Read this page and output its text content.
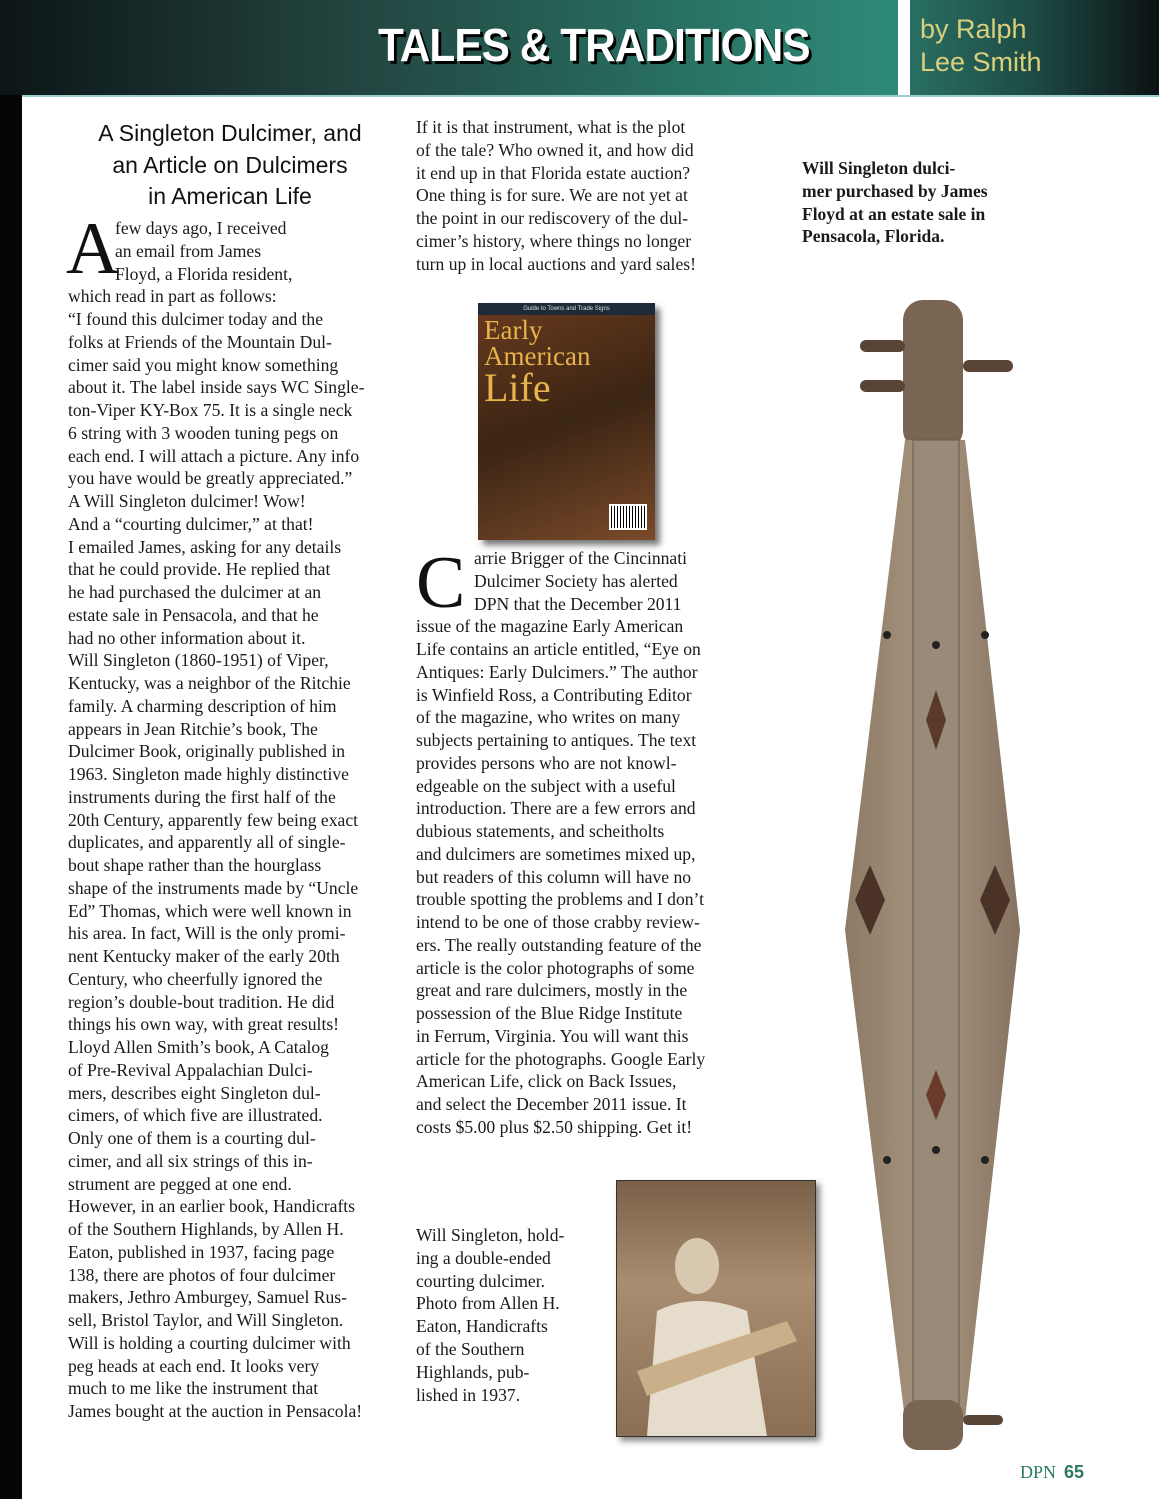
TALES & TRADITIONS	by Ralph
Lee Smith
A Singleton Dulcimer, and
an Article on Dulcimers
in American Life
A
few days ago, I received
an email from James
Floyd, a Florida resident,
which read in part as follows:
“I found this dulcimer today and the
folks at Friends of the Mountain Dul-
cimer said you might know something
about it. The label inside says WC Single-
ton-Viper KY-Box 75. It is a single neck
6 string with 3 wooden tuning pegs on
each end. I will attach a picture. Any info
you have would be greatly appreciated.”
A Will Singleton dulcimer! Wow!
And a “courting dulcimer,” at that!
I emailed James, asking for any details
that he could provide. He replied that
he had purchased the dulcimer at an
estate sale in Pensacola, and that he
had no other information about it.
Will Singleton (1860-1951) of Viper,
Kentucky, was a neighbor of the Ritchie
family. A charming description of him
appears in Jean Ritchie’s book, The
Dulcimer Book, originally published in
1963. Singleton made highly distinctive
instruments during the first half of the
20th Century, apparently few being exact
duplicates, and apparently all of single-
bout shape rather than the hourglass
shape of the instruments made by “Uncle
Ed” Thomas, which were well known in
his area. In fact, Will is the only promi-
nent Kentucky maker of the early 20th
Century, who cheerfully ignored the
region’s double-bout tradition. He did
things his own way, with great results!
Lloyd Allen Smith’s book, A Catalog
of Pre-Revival Appalachian Dulci-
mers, describes eight Singleton dul-
cimers, of which five are illustrated.
Only one of them is a courting dul-
cimer, and all six strings of this in-
strument are pegged at one end.
However, in an earlier book, Handicrafts
of the Southern Highlands, by Allen H.
Eaton, published in 1937, facing page
138, there are photos of four dulcimer
makers, Jethro Amburgey, Samuel Rus-
sell, Bristol Taylor, and Will Singleton.
Will is holding a courting dulcimer with
peg heads at each end. It looks very
much to me like the instrument that
James bought at the auction in Pensacola!
If it is that instrument, what is the plot
of the tale? Who owned it, and how did
it end up in that Florida estate auction?
One thing is for sure. We are not yet at
the point in our rediscovery of the dul-
cimer’s history, where things no longer
turn up in local auctions and yard sales!
C arrie Brigger of the Cincinnati
Dulcimer Society has alerted
DPN that the December 2011
issue of the magazine Early American
Life contains an article entitled, “Eye on
Antiques: Early Dulcimers.” The author
is Winfield Ross, a Contributing Editor
of the magazine, who writes on many
subjects pertaining to antiques. The text
provides persons who are not knowl-
edgeable on the subject with a useful
introduction. There are a few errors and
dubious statements, and scheitholts
and dulcimers are sometimes mixed up,
but readers of this column will have no
trouble spotting the problems and I don’t
intend to be one of those crabby review-
ers. The really outstanding feature of the
article is the color photographs of some
great and rare dulcimers, mostly in the
possession of the Blue Ridge Institute
in Ferrum, Virginia. You will want this
article for the photographs. Google Early
American Life, click on Back Issues,
and select the December 2011 issue. It
costs $5.00 plus $2.50 shipping. Get it!
Guide to Towns and Trade Signs
Early American
Life
Will Singleton dulci-
mer purchased by James
Floyd at an estate sale in
Pensacola, Florida.
Will Singleton, hold-
ing a double-ended
courting dulcimer.
Photo from Allen H.
Eaton, Handicrafts
of the Southern
Highlands, pub-
lished in 1937.
DPN 65
